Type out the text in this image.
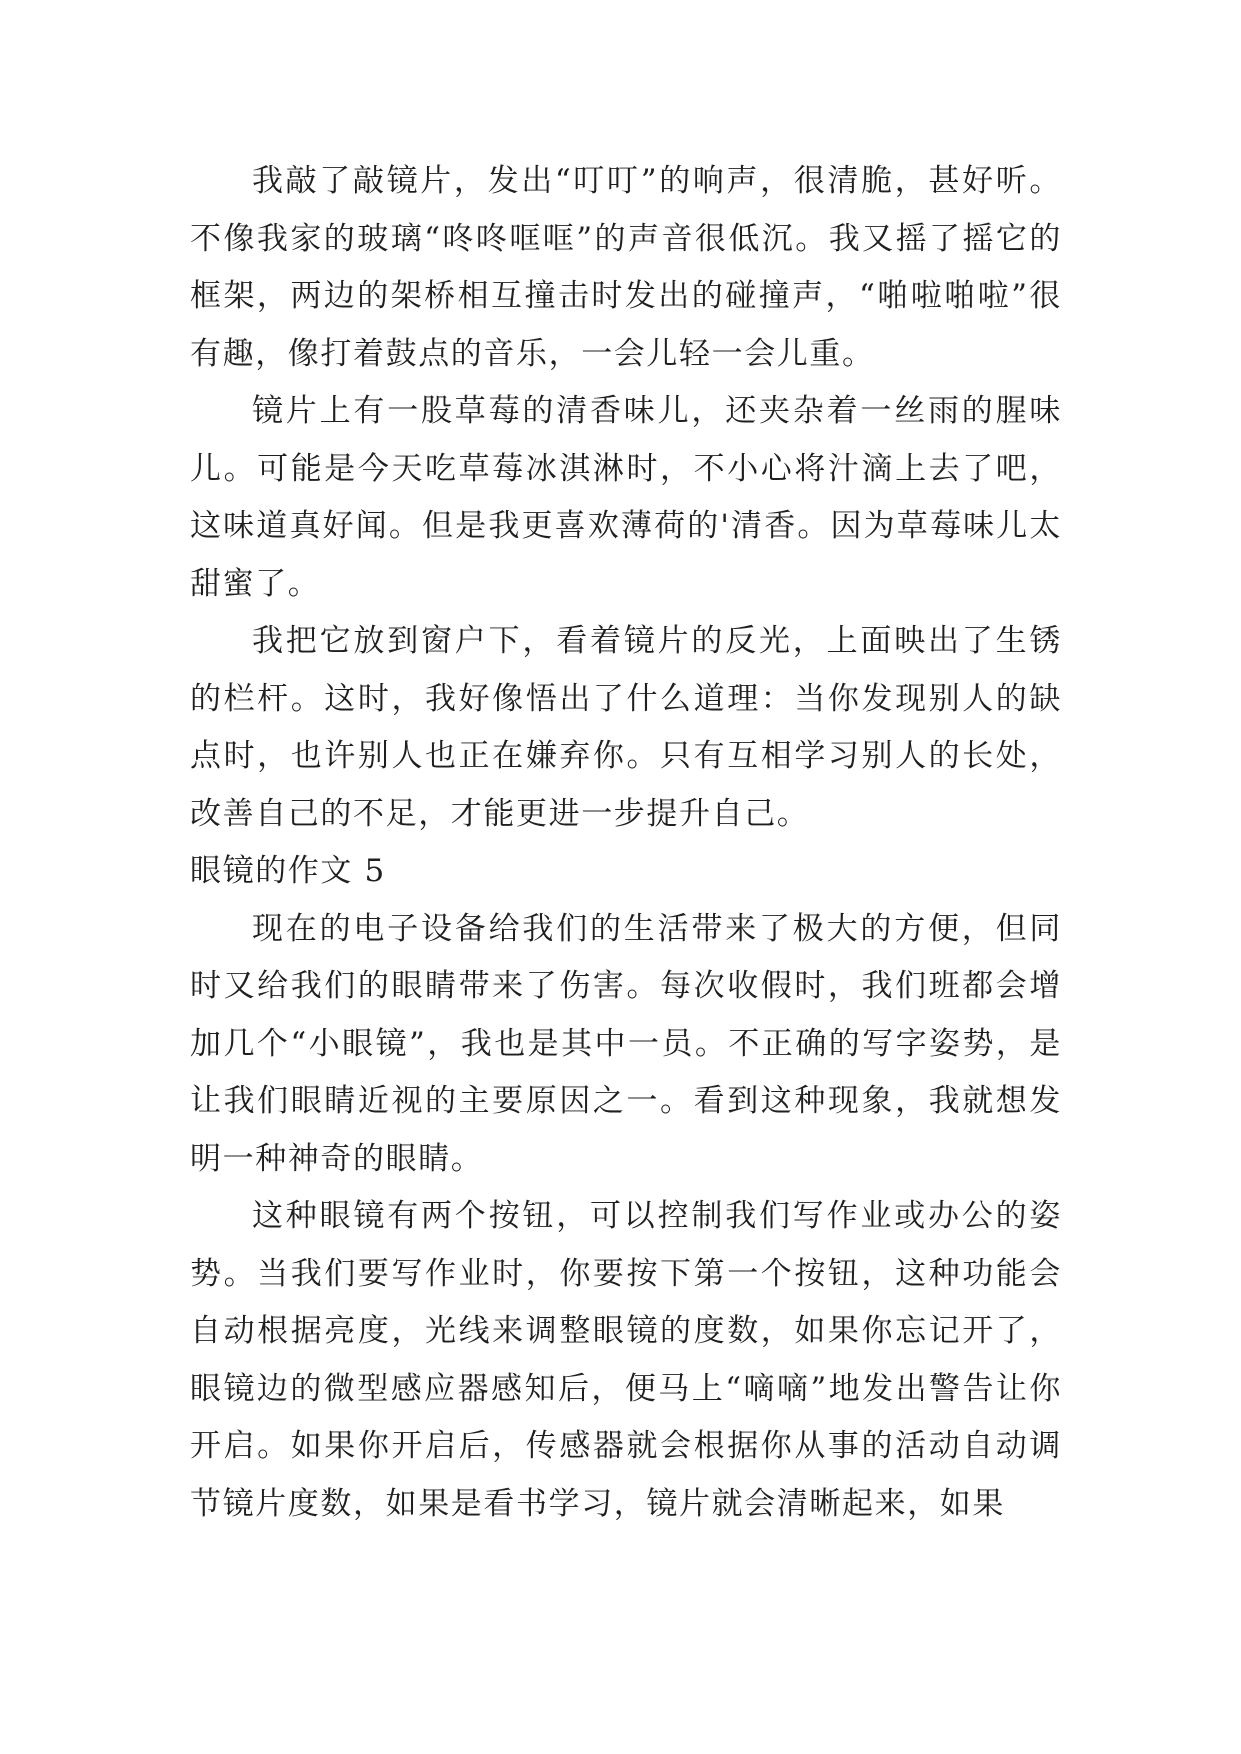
我敲了敲镜片，发出“叮叮”的响声，很清脆，甚好听。不像我家的玻璃“咚咚哐哐”的声音很低沉。我又摇了摇它的框架，两边的架桥相互撞击时发出的碰撞声，“啪啦啪啦”很有趣，像打着鼓点的音乐，一会儿轻一会儿重。

镜片上有一股草莓的清香味儿，还夹杂着一丝雨的腥味儿。可能是今天吃草莓冰淇淋时，不小心将汁滴上去了吧，这味道真好闻。但是我更喜欢薄荷的'清香。因为草莓味儿太甜蜜了。

我把它放到窗户下，看着镜片的反光，上面映出了生锈的栏杆。这时，我好像悟出了什么道理：当你发现别人的缺点时，也许别人也正在嫌弃你。只有互相学习别人的长处，改善自己的不足，才能更进一步提升自己。

眼镜的作文 5

现在的电子设备给我们的生活带来了极大的方便，但同时又给我们的眼睛带来了伤害。每次收假时，我们班都会增加几个“小眼镜”，我也是其中一员。不正确的写字姿势，是让我们眼睛近视的主要原因之一。看到这种现象，我就想发明一种神奇的眼睛。

这种眼镜有两个按钮，可以控制我们写作业或办公的姿势。当我们要写作业时，你要按下第一个按钮，这种功能会自动根据亮度，光线来调整眼镜的度数，如果你忘记开了，眼镜边的微型感应器感知后，便马上“嘀嘀”地发出警告让你开启。如果你开启后，传感器就会根据你从事的活动自动调节镜片度数，如果是看书学习，镜片就会清晰起来，如果
